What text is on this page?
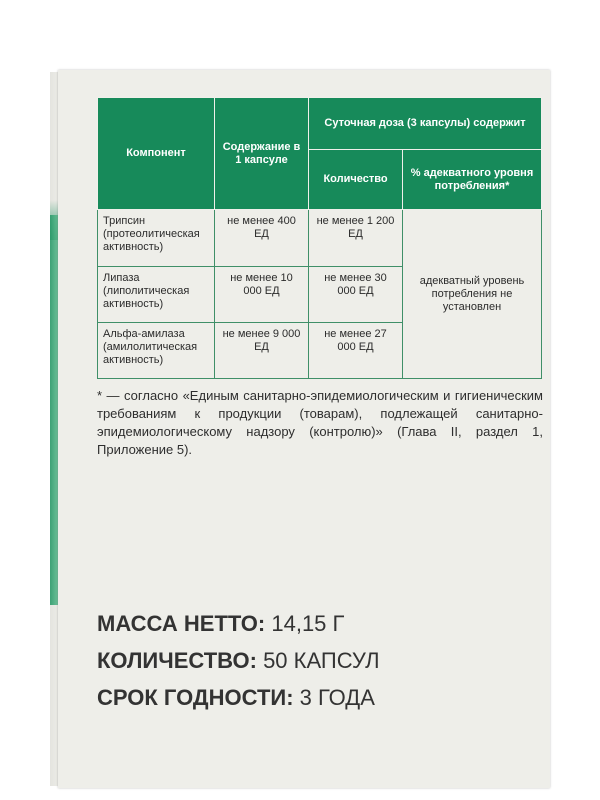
Компонент	Содержание в 1 капсуле	Суточная доза (3 капсулы) содержит	
		Количество	% адекватного уровня потребления*
Трипсин (протеолитическая активность)	не менее 400 ЕД	не менее 1 200 ЕД	адекватный уровень потребления не установлен
Липаза (липолитическая активность)	не менее 10 000 ЕД	не менее 30 000 ЕД	
Альфа-амилаза (амилолитическая активность)	не менее 9 000 ЕД	не менее 27 000 ЕД	
* — согласно «Единым санитарно-эпидемиологическим и гигиеническим требованиям к продукции (товарам), подлежащей санитарно-эпидемиологическому надзору (контролю)» (Глава II, раздел 1, Приложение 5).
МАССА НЕТТО: 14,15 Г
КОЛИЧЕСТВО: 50 КАПСУЛ
СРОК ГОДНОСТИ: 3 ГОДА
